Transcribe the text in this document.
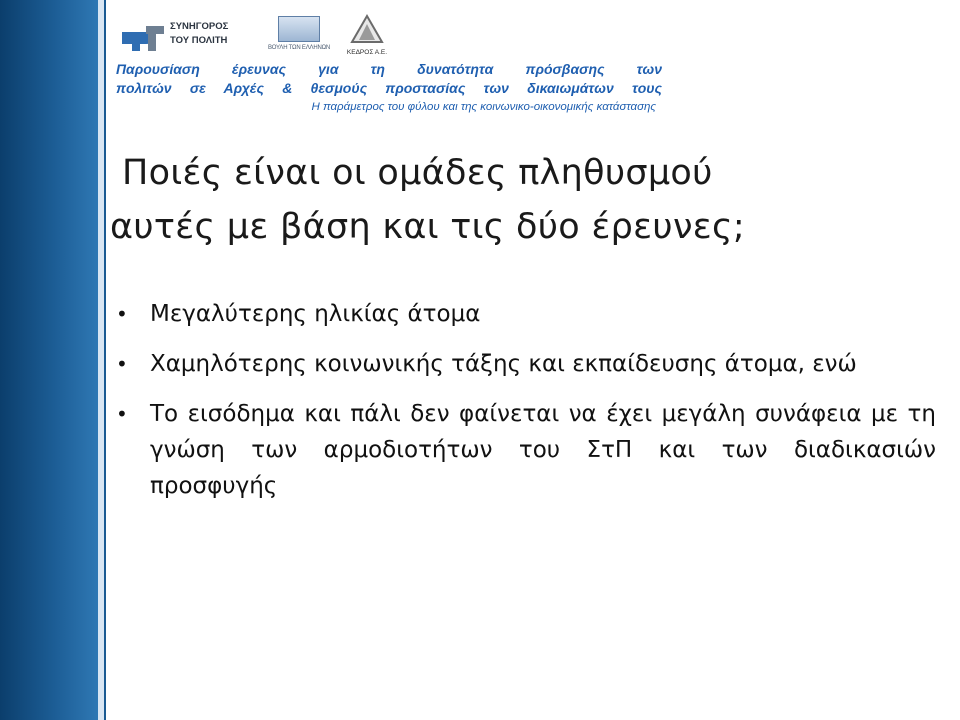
ΣΥΝΗΓΟΡΟΣ
ΤΟΥ ΠΟΛΙΤΗ
ΒΟΥΛΗ ΤΩΝ ΕΛΛΗΝΩΝ
ΚΕΔΡΟΣ Α.Ε.
Παρουσίαση έρευνας για τη δυνατότητα πρόσβασης των
πολιτών σε Αρχές & θεσμούς προστασίας των δικαιωμάτων τους
Η παράμετρος του φύλου και της κοινωνικο-οικονομικής κατάστασης
Ποιές είναι οι ομάδες πληθυσμού
αυτές με βάση και τις δύο έρευνες;
• Μεγαλύτερης ηλικίας άτομα
• Χαμηλότερης κοινωνικής τάξης και εκπαίδευσης άτομα, ενώ
• Το εισόδημα και πάλι δεν φαίνεται να έχει μεγάλη συνάφεια με τη γνώση των αρμοδιοτήτων του ΣτΠ και των διαδικασιών προσφυγής
